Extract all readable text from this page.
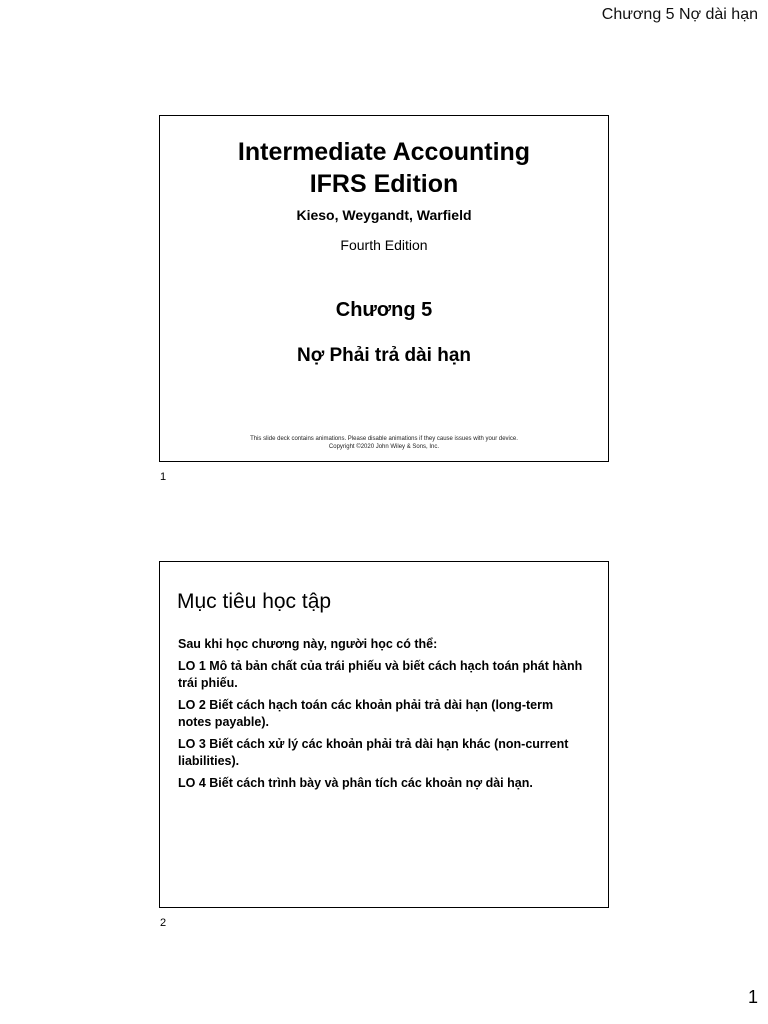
Chương 5 Nợ dài hạn
Intermediate Accounting
IFRS Edition
Kieso, Weygandt, Warfield
Fourth Edition
Chương 5
Nợ Phải trả dài hạn
This slide deck contains animations. Please disable animations if they cause issues with your device.
Copyright ©2020 John Wiley & Sons, Inc.
1
Mục tiêu học tập

Sau khi học chương này, người học có thể:

LO 1 Mô tả bản chất của trái phiếu và biết cách hạch toán phát hành trái phiếu.

LO 2 Biết cách hạch toán các khoản phải trả dài hạn (long-term notes payable).

LO 3 Biết cách xử lý các khoản phải trả dài hạn khác (non-current liabilities).

LO 4 Biết cách trình bày và phân tích các khoản nợ dài hạn.

2
1
